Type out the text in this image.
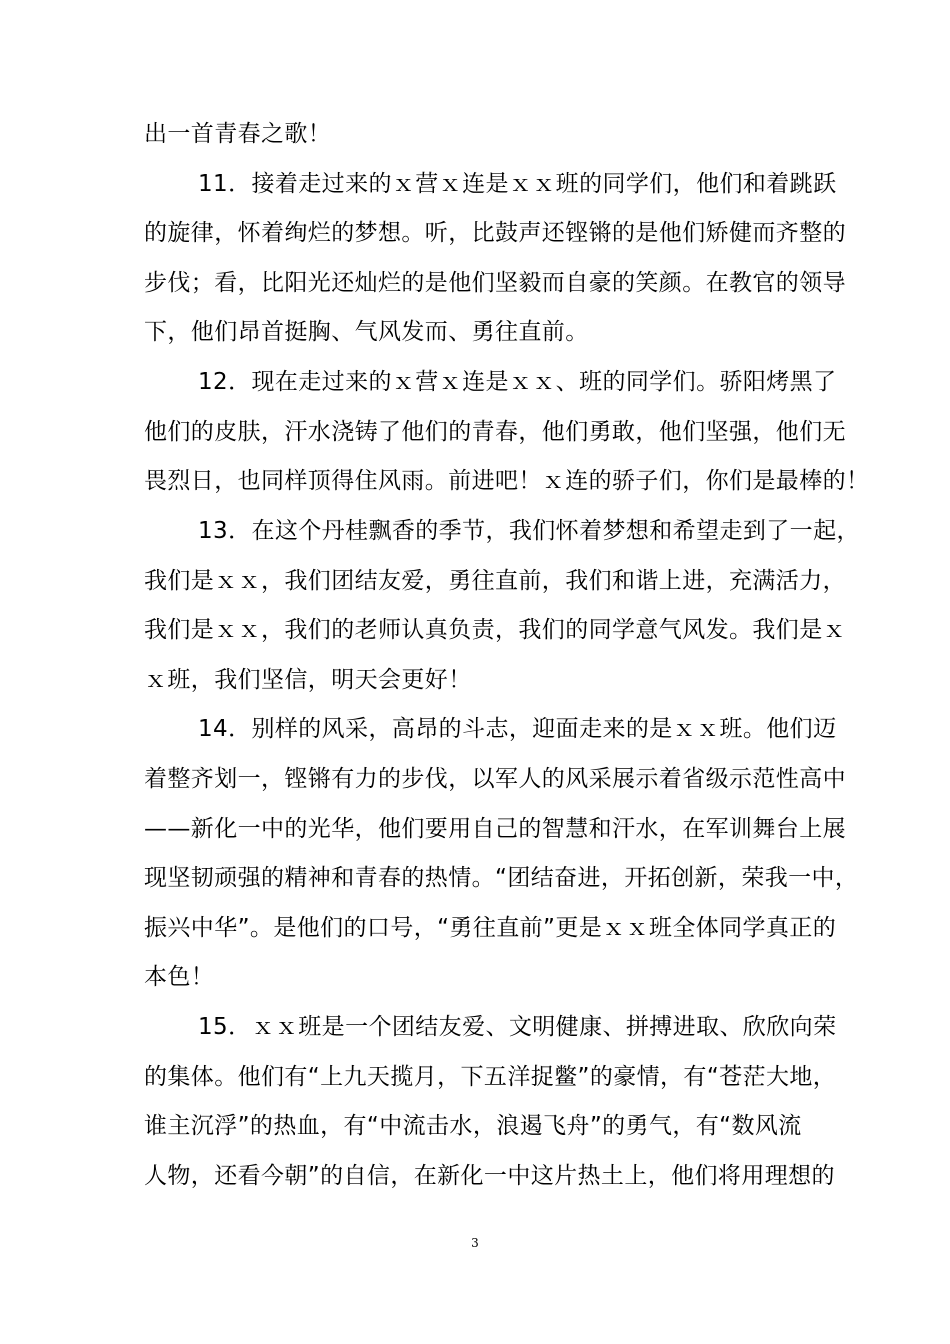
出一首青春之歌！
11．接着走过来的ｘ营ｘ连是ｘｘ班的同学们，他们和着跳跃
的旋律，怀着绚烂的梦想。听，比鼓声还铿锵的是他们矫健而齐整的
步伐；看，比阳光还灿烂的是他们坚毅而自豪的笑颜。在教官的领导
下，他们昂首挺胸、气风发而、勇往直前。
12．现在走过来的ｘ营ｘ连是ｘｘ、班的同学们。骄阳烤黑了
他们的皮肤，汗水浇铸了他们的青春，他们勇敢，他们坚强，他们无
畏烈日，也同样顶得住风雨。前进吧！ｘ连的骄子们，你们是最棒的！
13．在这个丹桂飘香的季节，我们怀着梦想和希望走到了一起，
我们是ｘｘ，我们团结友爱，勇往直前，我们和谐上进，充满活力，
我们是ｘｘ，我们的老师认真负责，我们的同学意气风发。我们是ｘ
ｘ班，我们坚信，明天会更好！
14．别样的风采，高昂的斗志，迎面走来的是ｘｘ班。他们迈
着整齐划一，铿锵有力的步伐，以军人的风采展示着省级示范性高中
——新化一中的光华，他们要用自己的智慧和汗水，在军训舞台上展
现坚韧顽强的精神和青春的热情。“团结奋进，开拓创新，荣我一中，
振兴中华”。是他们的口号，“勇往直前”更是ｘｘ班全体同学真正的
本色！
15．ｘｘ班是一个团结友爱、文明健康、拼搏进取、欣欣向荣
的集体。他们有“上九天揽月，下五洋捉鳖”的豪情，有“苍茫大地，
谁主沉浮”的热血，有“中流击水，浪遏飞舟”的勇气，有“数风流
人物，还看今朝”的自信，在新化一中这片热土上，他们将用理想的
3
